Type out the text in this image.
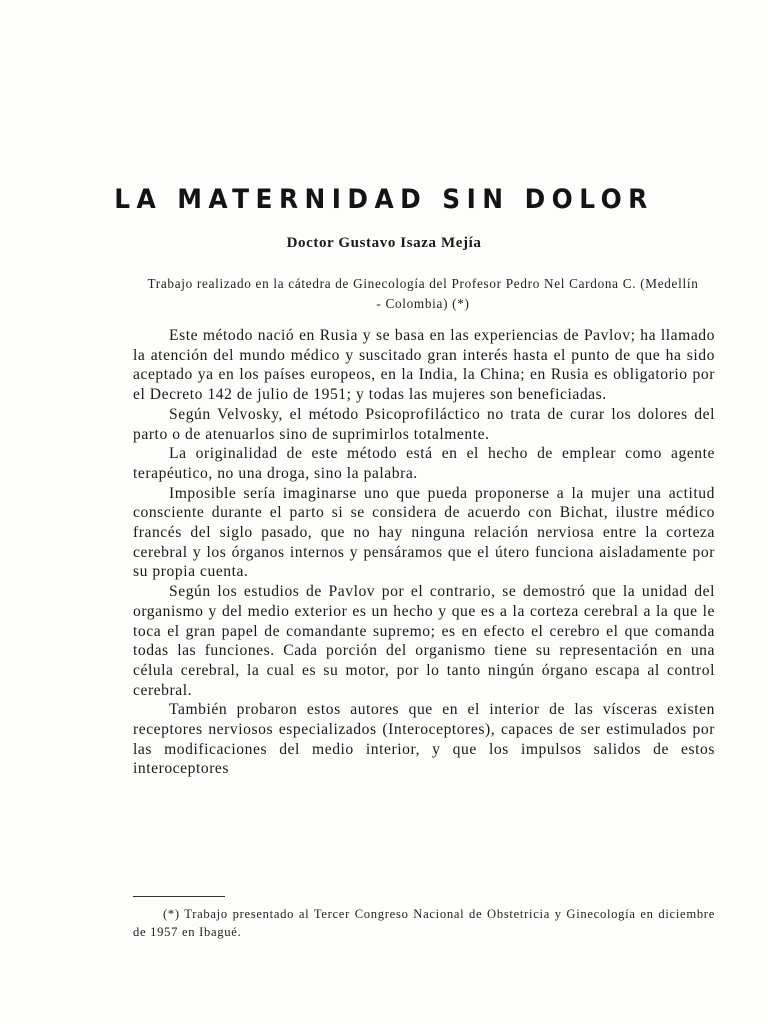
LA MATERNIDAD SIN DOLOR
Doctor Gustavo Isaza Mejía
Trabajo realizado en la cátedra de Ginecología del Profesor Pedro Nel Cardona C. (Medellín - Colombia) (*)

Este método nació en Rusia y se basa en las experiencias de Pavlov; ha llamado la atención del mundo médico y suscitado gran interés hasta el punto de que ha sido aceptado ya en los países europeos, en la India, la China; en Rusia es obligatorio por el Decreto 142 de julio de 1951; y todas las mujeres son beneficiadas.

Según Velvosky, el método Psicoprofiláctico no trata de curar los dolores del parto o de atenuarlos sino de suprimirlos totalmente.

La originalidad de este método está en el hecho de emplear como agente terapéutico, no una droga, sino la palabra.

Imposible sería imaginarse uno que pueda proponerse a la mujer una actitud consciente durante el parto si se considera de acuerdo con Bichat, ilustre médico francés del siglo pasado, que no hay ninguna relación nerviosa entre la corteza cerebral y los órganos internos y pensáramos que el útero funciona aisladamente por su propia cuenta.

Según los estudios de Pavlov por el contrario, se demostró que la unidad del organismo y del medio exterior es un hecho y que es a la corteza cerebral a la que le toca el gran papel de comandante supremo; es en efecto el cerebro el que comanda todas las funciones. Cada porción del organismo tiene su representación en una célula cerebral, la cual es su motor, por lo tanto ningún órgano escapa al control cerebral.

También probaron estos autores que en el interior de las vísceras existen receptores nerviosos especializados (Interoceptores), capaces de ser estimulados por las modificaciones del medio interior, y que los impulsos salidos de estos interoceptores

(*) Trabajo presentado al Tercer Congreso Nacional de Obstetricia y Ginecología en diciembre de 1957 en Ibagué.
